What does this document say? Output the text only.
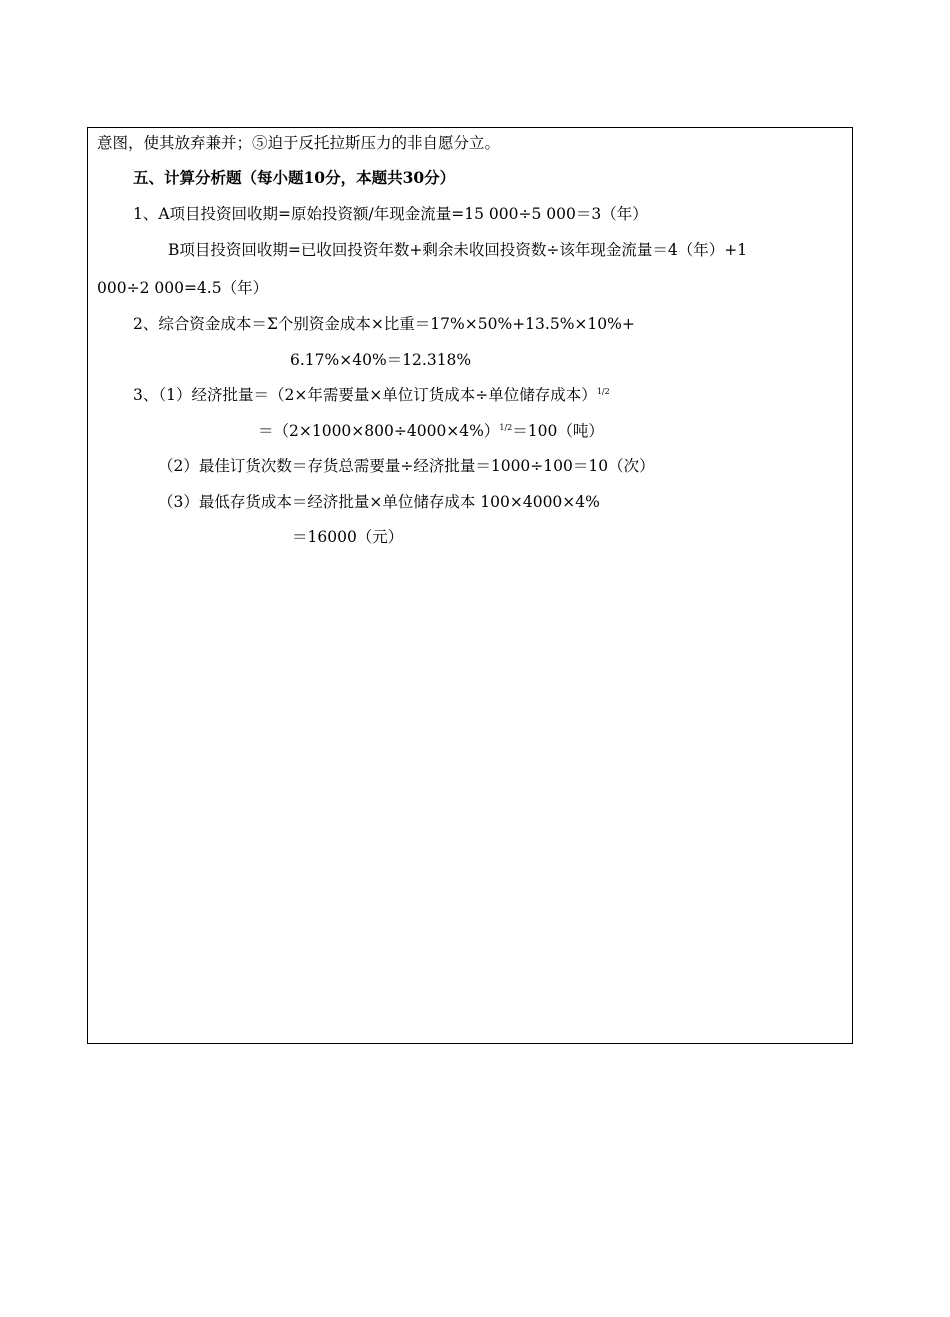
意图，使其放弃兼并；⑤迫于反托拉斯压力的非自愿分立。
五、计算分析题（每小题10分，本题共30分）
1、A项目投资回收期=原始投资额/年现金流量=15 000÷5 000＝3（年）
B项目投资回收期=已收回投资年数+剩余未收回投资数÷该年现金流量＝4（年）+1
000÷2 000=4.5（年）
2、综合资金成本＝Σ个别资金成本×比重＝17%×50%+13.5%×10%+
6.17%×40%＝12.318%
3、（1）经济批量＝（2×年需要量×单位订货成本÷单位储存成本）$^{1/2}$
$=(2\times 1000\times 800\div 4000\times 4\%)^{1/2}=100$（吨）
（2）最佳订货次数＝存货总需要量÷经济批量＝1000÷100＝10（次）
（3）最低存货成本＝经济批量×单位储存成本 100×4000×4%
＝16000（元）
